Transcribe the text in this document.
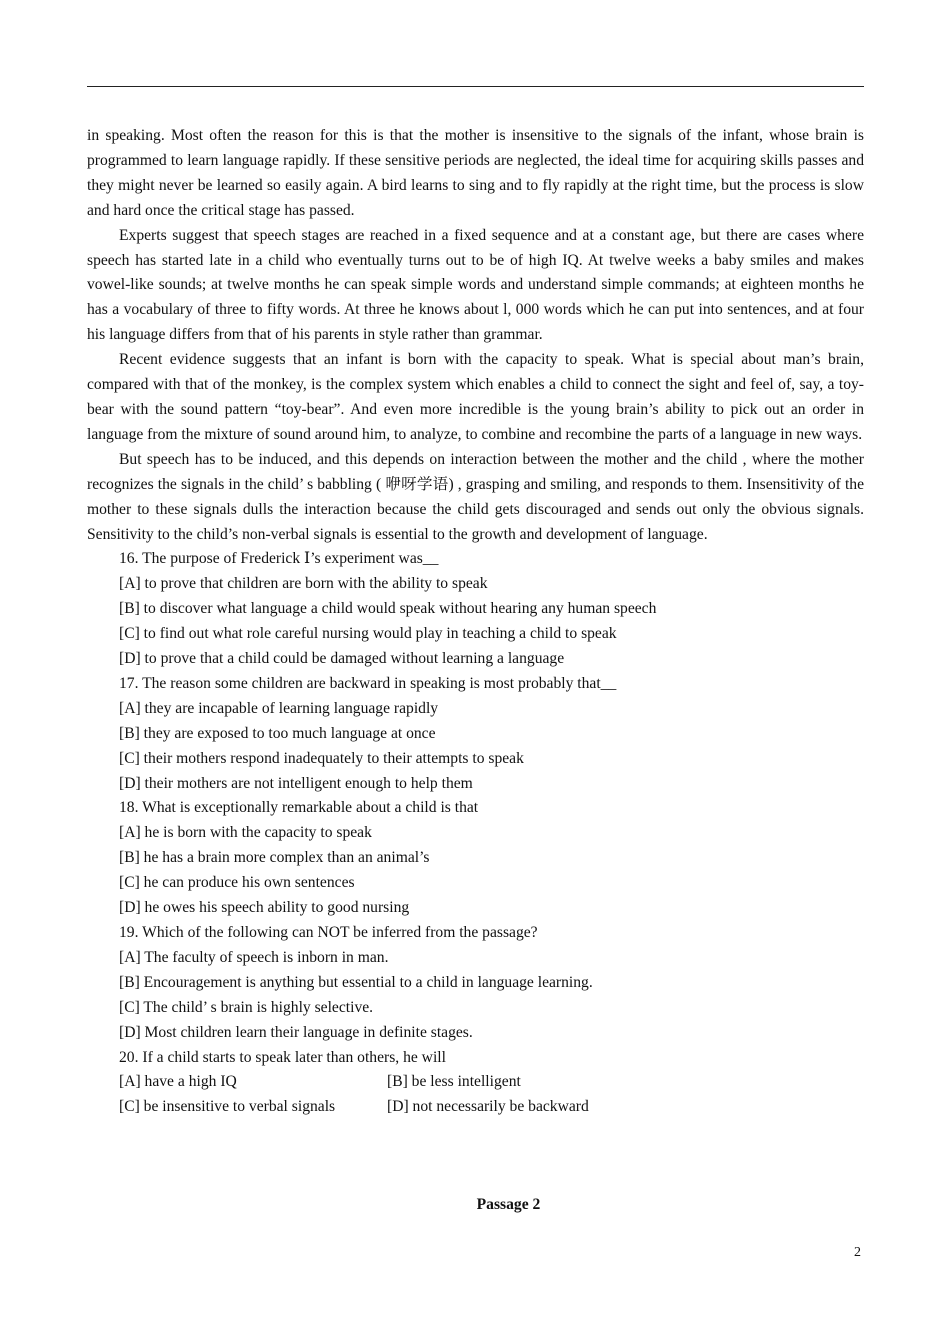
in speaking. Most often the reason for this is that the mother is insensitive to the signals of the infant, whose brain is programmed to learn language rapidly. If these sensitive periods are neglected, the ideal time for acquiring skills passes and they might never be learned so easily again. A bird learns to sing and to fly rapidly at the right time, but the process is slow and hard once the critical stage has passed.

Experts suggest that speech stages are reached in a fixed sequence and at a constant age, but there are cases where speech has started late in a child who eventually turns out to be of high IQ. At twelve weeks a baby smiles and makes vowel-like sounds; at twelve months he can speak simple words and understand simple commands; at eighteen months he has a vocabulary of three to fifty words. At three he knows about l, 000 words which he can put into sentences, and at four his language differs from that of his parents in style rather than grammar.

Recent evidence suggests that an infant is born with the capacity to speak. What is special about man’s brain, compared with that of the monkey, is the complex system which enables a child to connect the sight and feel of, say, a toy-bear with the sound pattern “toy-bear”. And even more incredible is the young brain’s ability to pick out an order in language from the mixture of sound around him, to analyze, to combine and recombine the parts of a language in new ways.

But speech has to be induced, and this depends on interaction between the mother and the child , where the mother recognizes the signals in the child’ s babbling ( 咿呀学语) , grasping and smiling, and responds to them. Insensitivity of the mother to these signals dulls the interaction because the child gets discouraged and sends out only the obvious signals. Sensitivity to the child’s non-verbal signals is essential to the growth and development of language.

16. The purpose of Frederick Ⅰ’s experiment was__

[A] to prove that children are born with the ability to speak

[B] to discover what language a child would speak without hearing any human speech

[C] to find out what role careful nursing would play in teaching a child to speak

[D] to prove that a child could be damaged without learning a language

17. The reason some children are backward in speaking is most probably that__

[A] they are incapable of learning language rapidly

[B] they are exposed to too much language at once

[C] their mothers respond inadequately to their attempts to speak

[D] their mothers are not intelligent enough to help them

18. What is exceptionally remarkable about a child is that

[A] he is born with the capacity to speak

[B] he has a brain more complex than an animal’s

[C] he can produce his own sentences

[D] he owes his speech ability to good nursing

19. Which of the following can NOT be inferred from the passage?

[A] The faculty of speech is inborn in man.

[B] Encouragement is anything but essential to a child in language learning.

[C] The child’ s brain is highly selective.

[D] Most children learn their language in definite stages.

20. If a child starts to speak later than others, he will

[A] have a high IQ	[B] be less intelligent
[C] be insensitive to verbal signals	[D] not necessarily be backward
Passage 2
2
